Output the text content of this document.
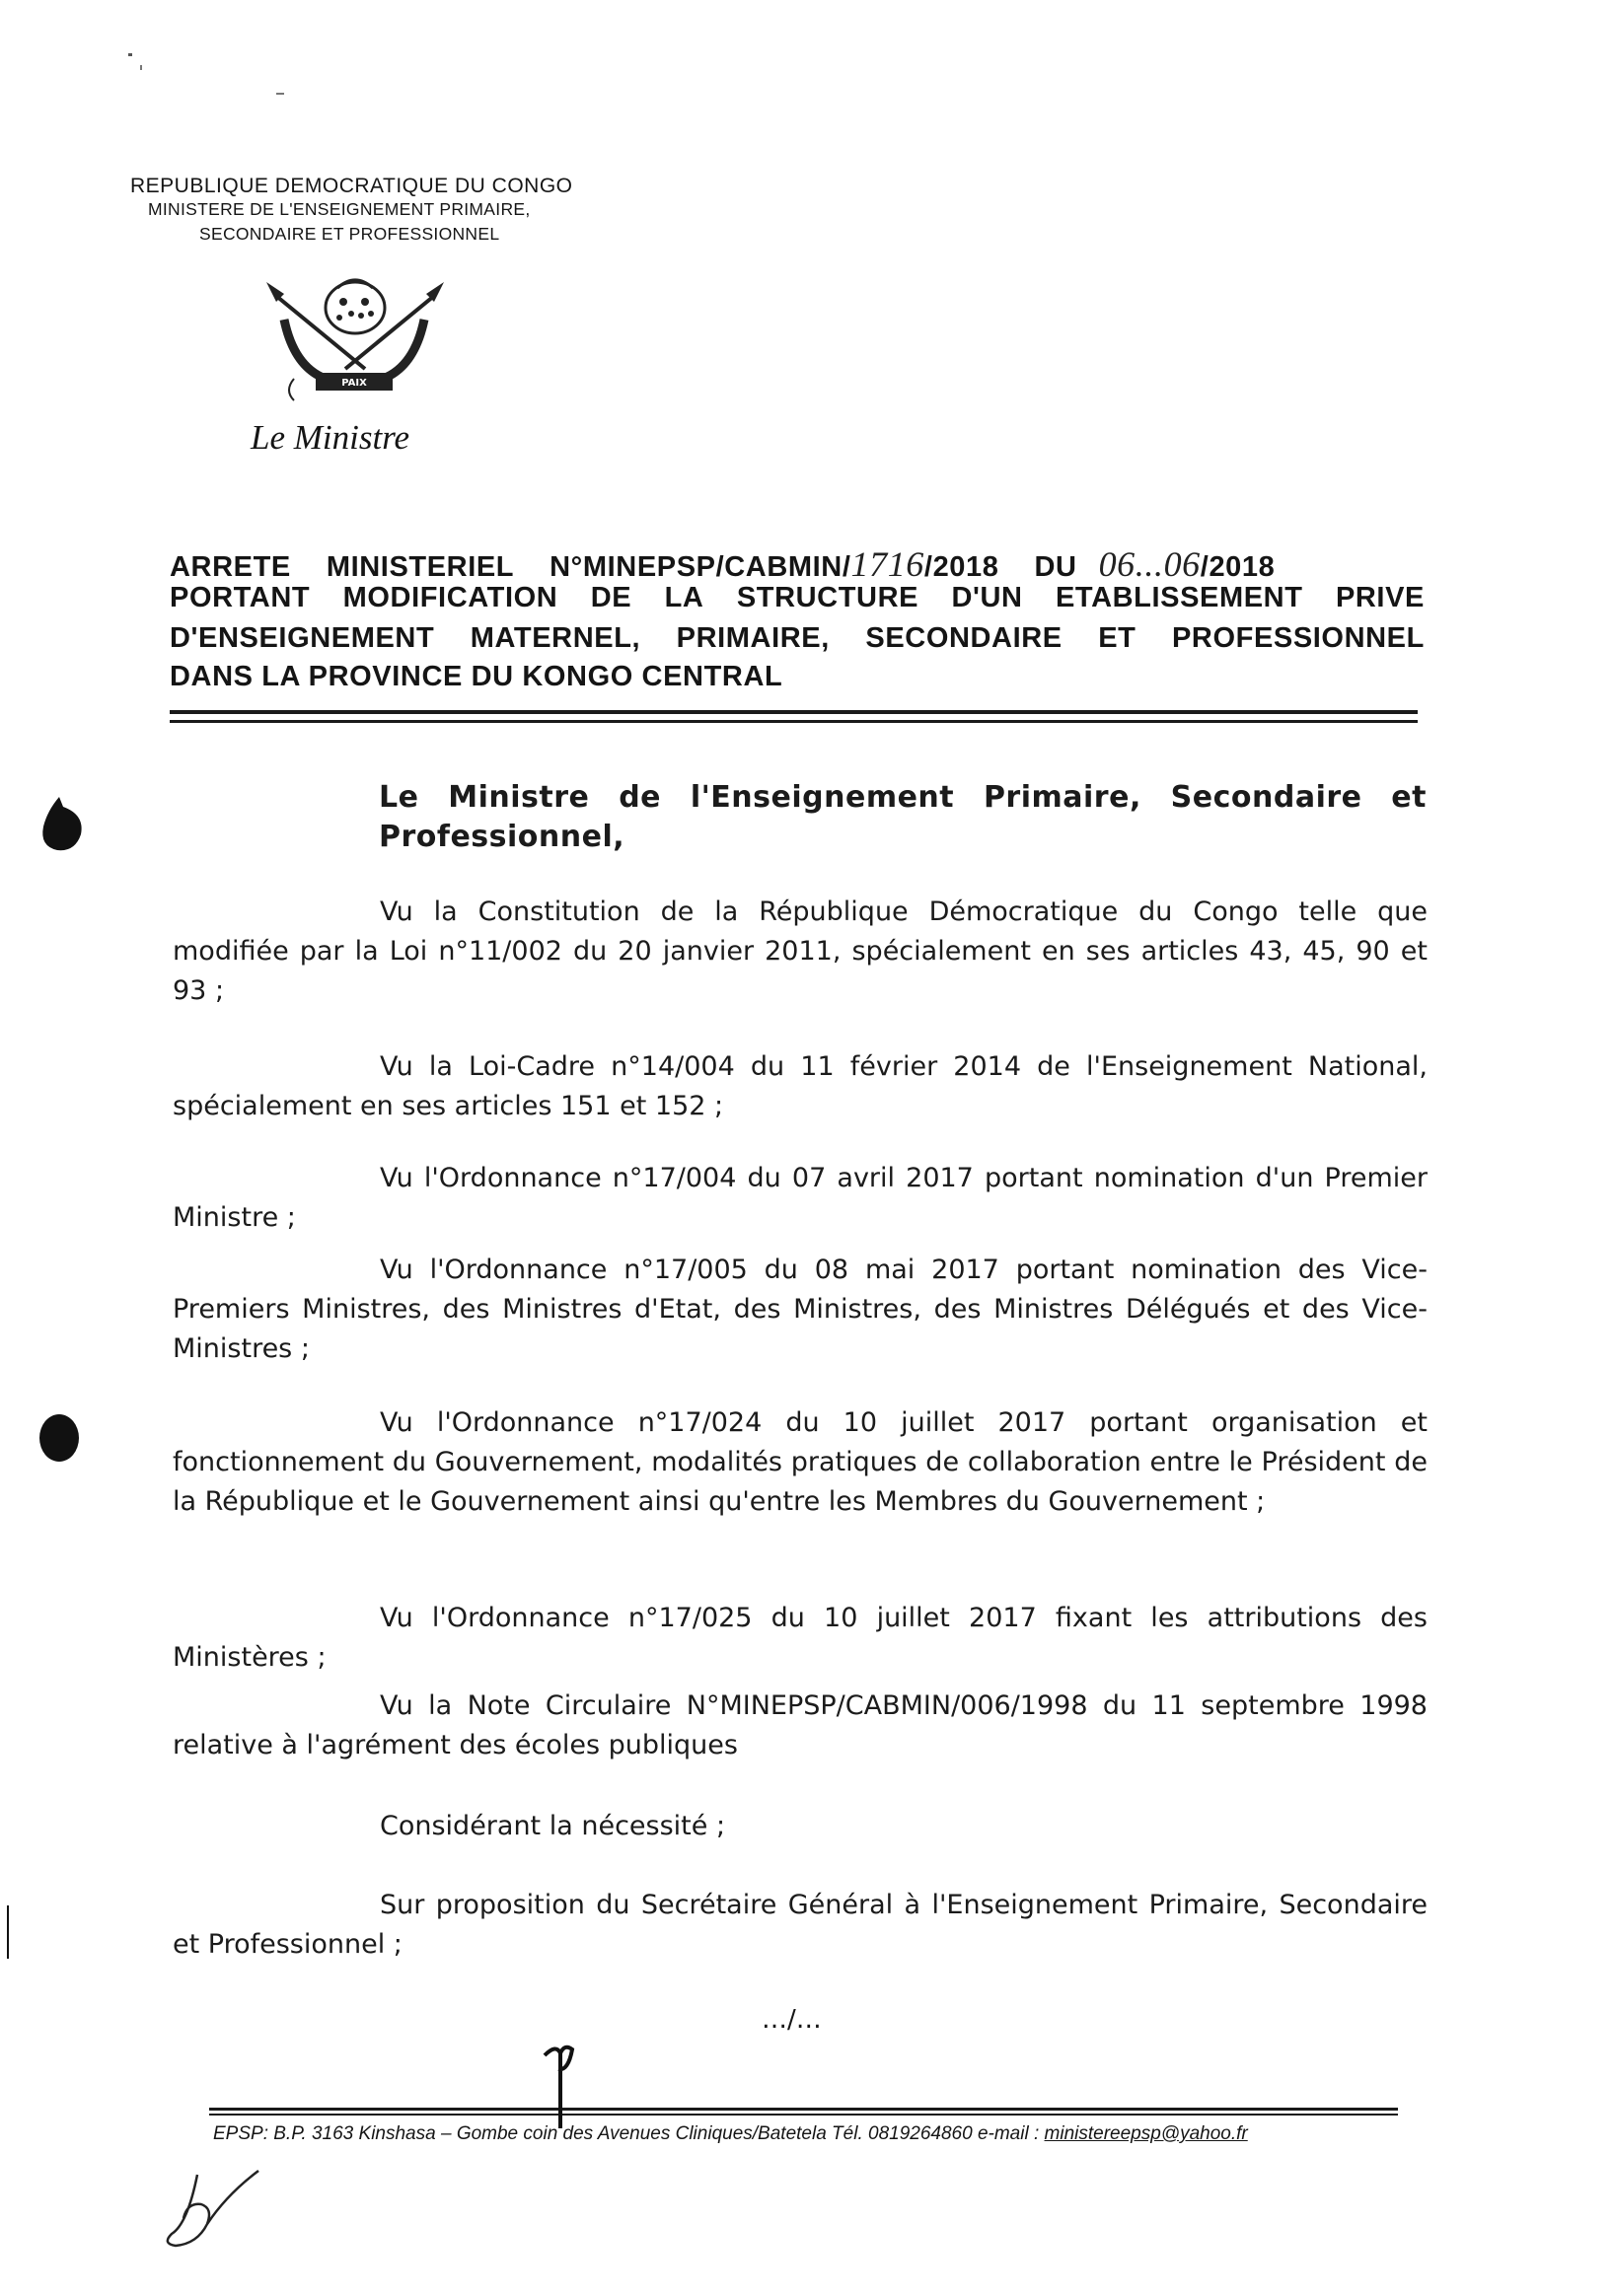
REPUBLIQUE DEMOCRATIQUE DU CONGO
MINISTERE DE L'ENSEIGNEMENT PRIMAIRE,
SECONDAIRE ET PROFESSIONNEL
PAIX
Le Ministre
ARRETE MINISTERIEL N°MINEPSP/CABMIN/1716/2018 DU 06...06/2018
PORTANT MODIFICATION DE LA STRUCTURE D'UN ETABLISSEMENT PRIVE
D'ENSEIGNEMENT MATERNEL, PRIMAIRE, SECONDAIRE ET PROFESSIONNEL
DANS LA PROVINCE DU KONGO CENTRAL
Le Ministre de l'Enseignement Primaire, Secondaire et Professionnel,
Vu la Constitution de la République Démocratique du Congo telle que modifiée par la Loi n°11/002 du 20 janvier 2011, spécialement en ses articles 43, 45, 90 et 93 ;
Vu la Loi-Cadre n°14/004 du 11 février 2014 de l'Enseignement National, spécialement en ses articles 151 et 152 ;
Vu l'Ordonnance n°17/004 du 07 avril 2017 portant nomination d'un Premier Ministre ;
Vu l'Ordonnance n°17/005 du 08 mai 2017 portant nomination des Vice-Premiers Ministres, des Ministres d'Etat, des Ministres, des Ministres Délégués et des Vice-Ministres ;
Vu l'Ordonnance n°17/024 du 10 juillet 2017 portant organisation et fonctionnement du Gouvernement, modalités pratiques de collaboration entre le Président de la République et le Gouvernement ainsi qu'entre les Membres du Gouvernement ;
Vu l'Ordonnance n°17/025 du 10 juillet 2017 fixant les attributions des Ministères ;
Vu la Note Circulaire N°MINEPSP/CABMIN/006/1998 du 11 septembre 1998 relative à l'agrément des écoles publiques
Considérant la nécessité ;
Sur proposition du Secrétaire Général à l'Enseignement Primaire, Secondaire et Professionnel ;
…/…
EPSP: B.P. 3163 Kinshasa – Gombe coin des Avenues Cliniques/Batetela Tél. 0819264860 e-mail : ministereepsp@yahoo.fr
